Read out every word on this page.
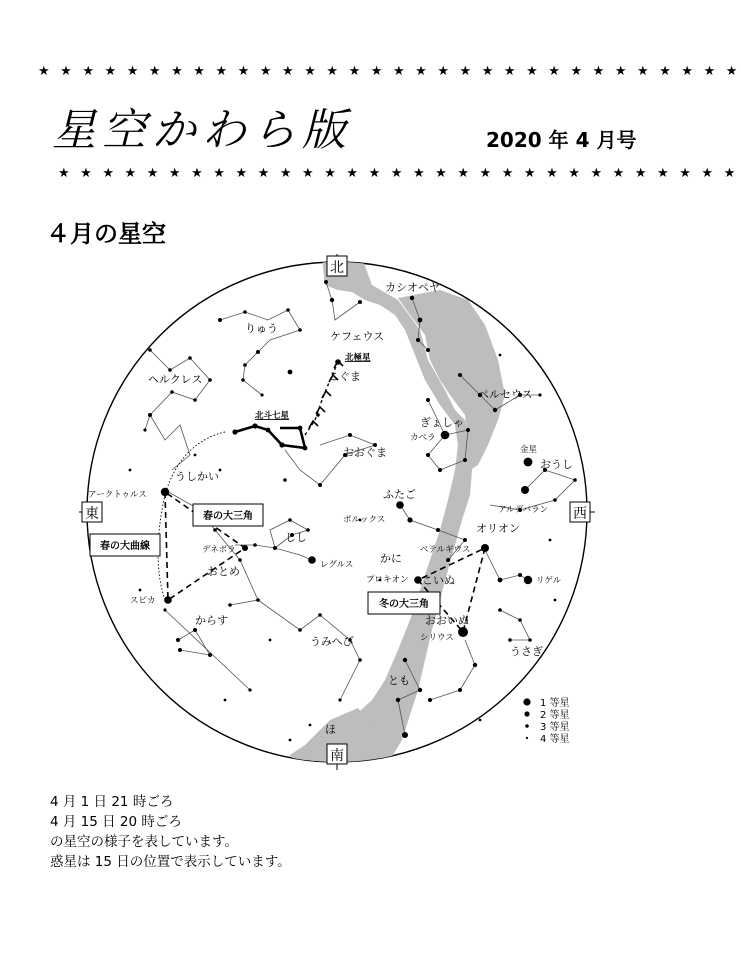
★ ★ ★ ★ ★ ★ ★ ★ ★ ★ ★ ★ ★ ★ ★ ★ ★ ★ ★ ★ ★ ★ ★ ★ ★ ★ ★ ★ ★ ★ ★ ★
星空かわら版	2020 年 4 月号
★ ★ ★ ★ ★ ★ ★ ★ ★ ★ ★ ★ ★ ★ ★ ★ ★ ★ ★ ★ ★ ★ ★ ★ ★ ★ ★ ★ ★ ★ ★
４月の星空
北
南
東	西
カシオペヤ
りゅう
ケフェウス
こぐま
ヘルクレス
ペルセウス
ぎょしゃ
おおぐま
ふたご
うしかい
おうし
しし
かに
オリオン
こいぬ
おとめ
からす
うみへび
おおいぬ
うさぎ
とも
ほ
北極星
北斗七星
カペラ
金星
アークトゥルス
アルデバラン
ポルックス
ベテルギウス
デネボラ
レグルス
プロキオン	リゲル
スピカ
シリウス
春の大三角
春の大曲線
冬の大三角
1 等星
2 等星
3 等星
4 等星
4 月 1 日 21 時ごろ
4 月 15 日 20 時ごろ
の星空の様子を表しています。
惑星は 15 日の位置で表示しています。
